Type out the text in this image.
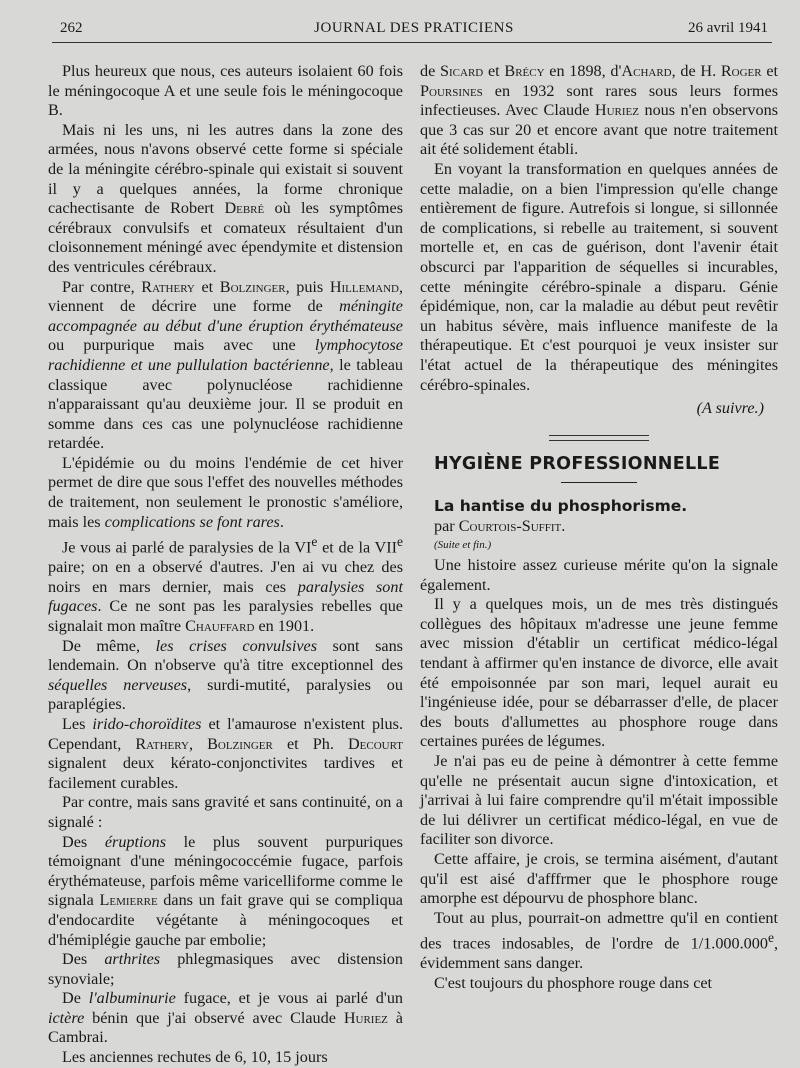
262	JOURNAL DES PRATICIENS	26 avril 1941

Plus heureux que nous, ces auteurs isolaient 60 fois le méningocoque A et une seule fois le méningocoque B.

Mais ni les uns, ni les autres dans la zone des armées, nous n'avons observé cette forme si spéciale de la méningite cérébro-spinale qui existait si souvent il y a quelques années, la forme chronique cachectisante de Robert Debré où les symptômes cérébraux convulsifs et comateux résultaient d'un cloisonnement méningé avec épendymite et distension des ventricules cérébraux.

Par contre, Rathery et Bolzinger, puis Hillemand, viennent de décrire une forme de méningite accompagnée au début d'une éruption érythémateuse ou purpurique mais avec une lymphocytose rachidienne et une pullulation bactérienne, le tableau classique avec polynucléose rachidienne n'apparaissant qu'au deuxième jour. Il se produit en somme dans ces cas une polynucléose rachidienne retardée.

L'épidémie ou du moins l'endémie de cet hiver permet de dire que sous l'effet des nouvelles méthodes de traitement, non seulement le pronostic s'améliore, mais les complications se font rares.

Je vous ai parlé de paralysies de la VIe et de la VIIe paire; on en a observé d'autres. J'en ai vu chez des noirs en mars dernier, mais ces paralysies sont fugaces. Ce ne sont pas les paralysies rebelles que signalait mon maître Chauffard en 1901.

De même, les crises convulsives sont sans lendemain. On n'observe qu'à titre exceptionnel des séquelles nerveuses, surdi-mutité, paralysies ou paraplégies.

Les irido-choroïdites et l'amaurose n'existent plus. Cependant, Rathery, Bolzinger et Ph. Decourt signalent deux kérato-conjonctivites tardives et facilement curables.

Par contre, mais sans gravité et sans continuité, on a signalé :

Des éruptions le plus souvent purpuriques témoignant d'une méningococcémie fugace, parfois érythémateuse, parfois même varicelliforme comme le signala Lemierre dans un fait grave qui se compliqua d'endocardite végétante à méningocoques et d'hémiplégie gauche par embolie;

Des arthrites phlegmasiques avec distension synoviale;

De l'albuminurie fugace, et je vous ai parlé d'un ictère bénin que j'ai observé avec Claude Huriez à Cambrai.

Les anciennes rechutes de 6, 10, 15 jours

de Sicard et Brécy en 1898, d'Achard, de H. Roger et Poursines en 1932 sont rares sous leurs formes infectieuses. Avec Claude Huriez nous n'en observons que 3 cas sur 20 et encore avant que notre traitement ait été solidement établi.

En voyant la transformation en quelques années de cette maladie, on a bien l'impression qu'elle change entièrement de figure. Autrefois si longue, si sillonnée de complications, si rebelle au traitement, si souvent mortelle et, en cas de guérison, dont l'avenir était obscurci par l'apparition de séquelles si incurables, cette méningite cérébro-spinale a disparu. Génie épidémique, non, car la maladie au début peut revêtir un habitus sévère, mais influence manifeste de la thérapeutique. Et c'est pourquoi je veux insister sur l'état actuel de la thérapeutique des méningites cérébro-spinales.

(A suivre.)

HYGIÈNE PROFESSIONNELLE

La hantise du phosphorisme.

par Courtois-Suffit.

(Suite et fin.)

Une histoire assez curieuse mérite qu'on la signale également.

Il y a quelques mois, un de mes très distingués collègues des hôpitaux m'adresse une jeune femme avec mission d'établir un certificat médico-légal tendant à affirmer qu'en instance de divorce, elle avait été empoisonnée par son mari, lequel aurait eu l'ingénieuse idée, pour se débarrasser d'elle, de placer des bouts d'allumettes au phosphore rouge dans certaines purées de légumes.

Je n'ai pas eu de peine à démontrer à cette femme qu'elle ne présentait aucun signe d'intoxication, et j'arrivai à lui faire comprendre qu'il m'était impossible de lui délivrer un certificat médico-légal, en vue de faciliter son divorce.

Cette affaire, je crois, se termina aisément, d'autant qu'il est aisé d'afffrmer que le phosphore rouge amorphe est dépourvu de phosphore blanc.

Tout au plus, pourrait-on admettre qu'il en contient des traces indosables, de l'ordre de 1/1.000.000e, évidemment sans danger.

C'est toujours du phosphore rouge dans cet
